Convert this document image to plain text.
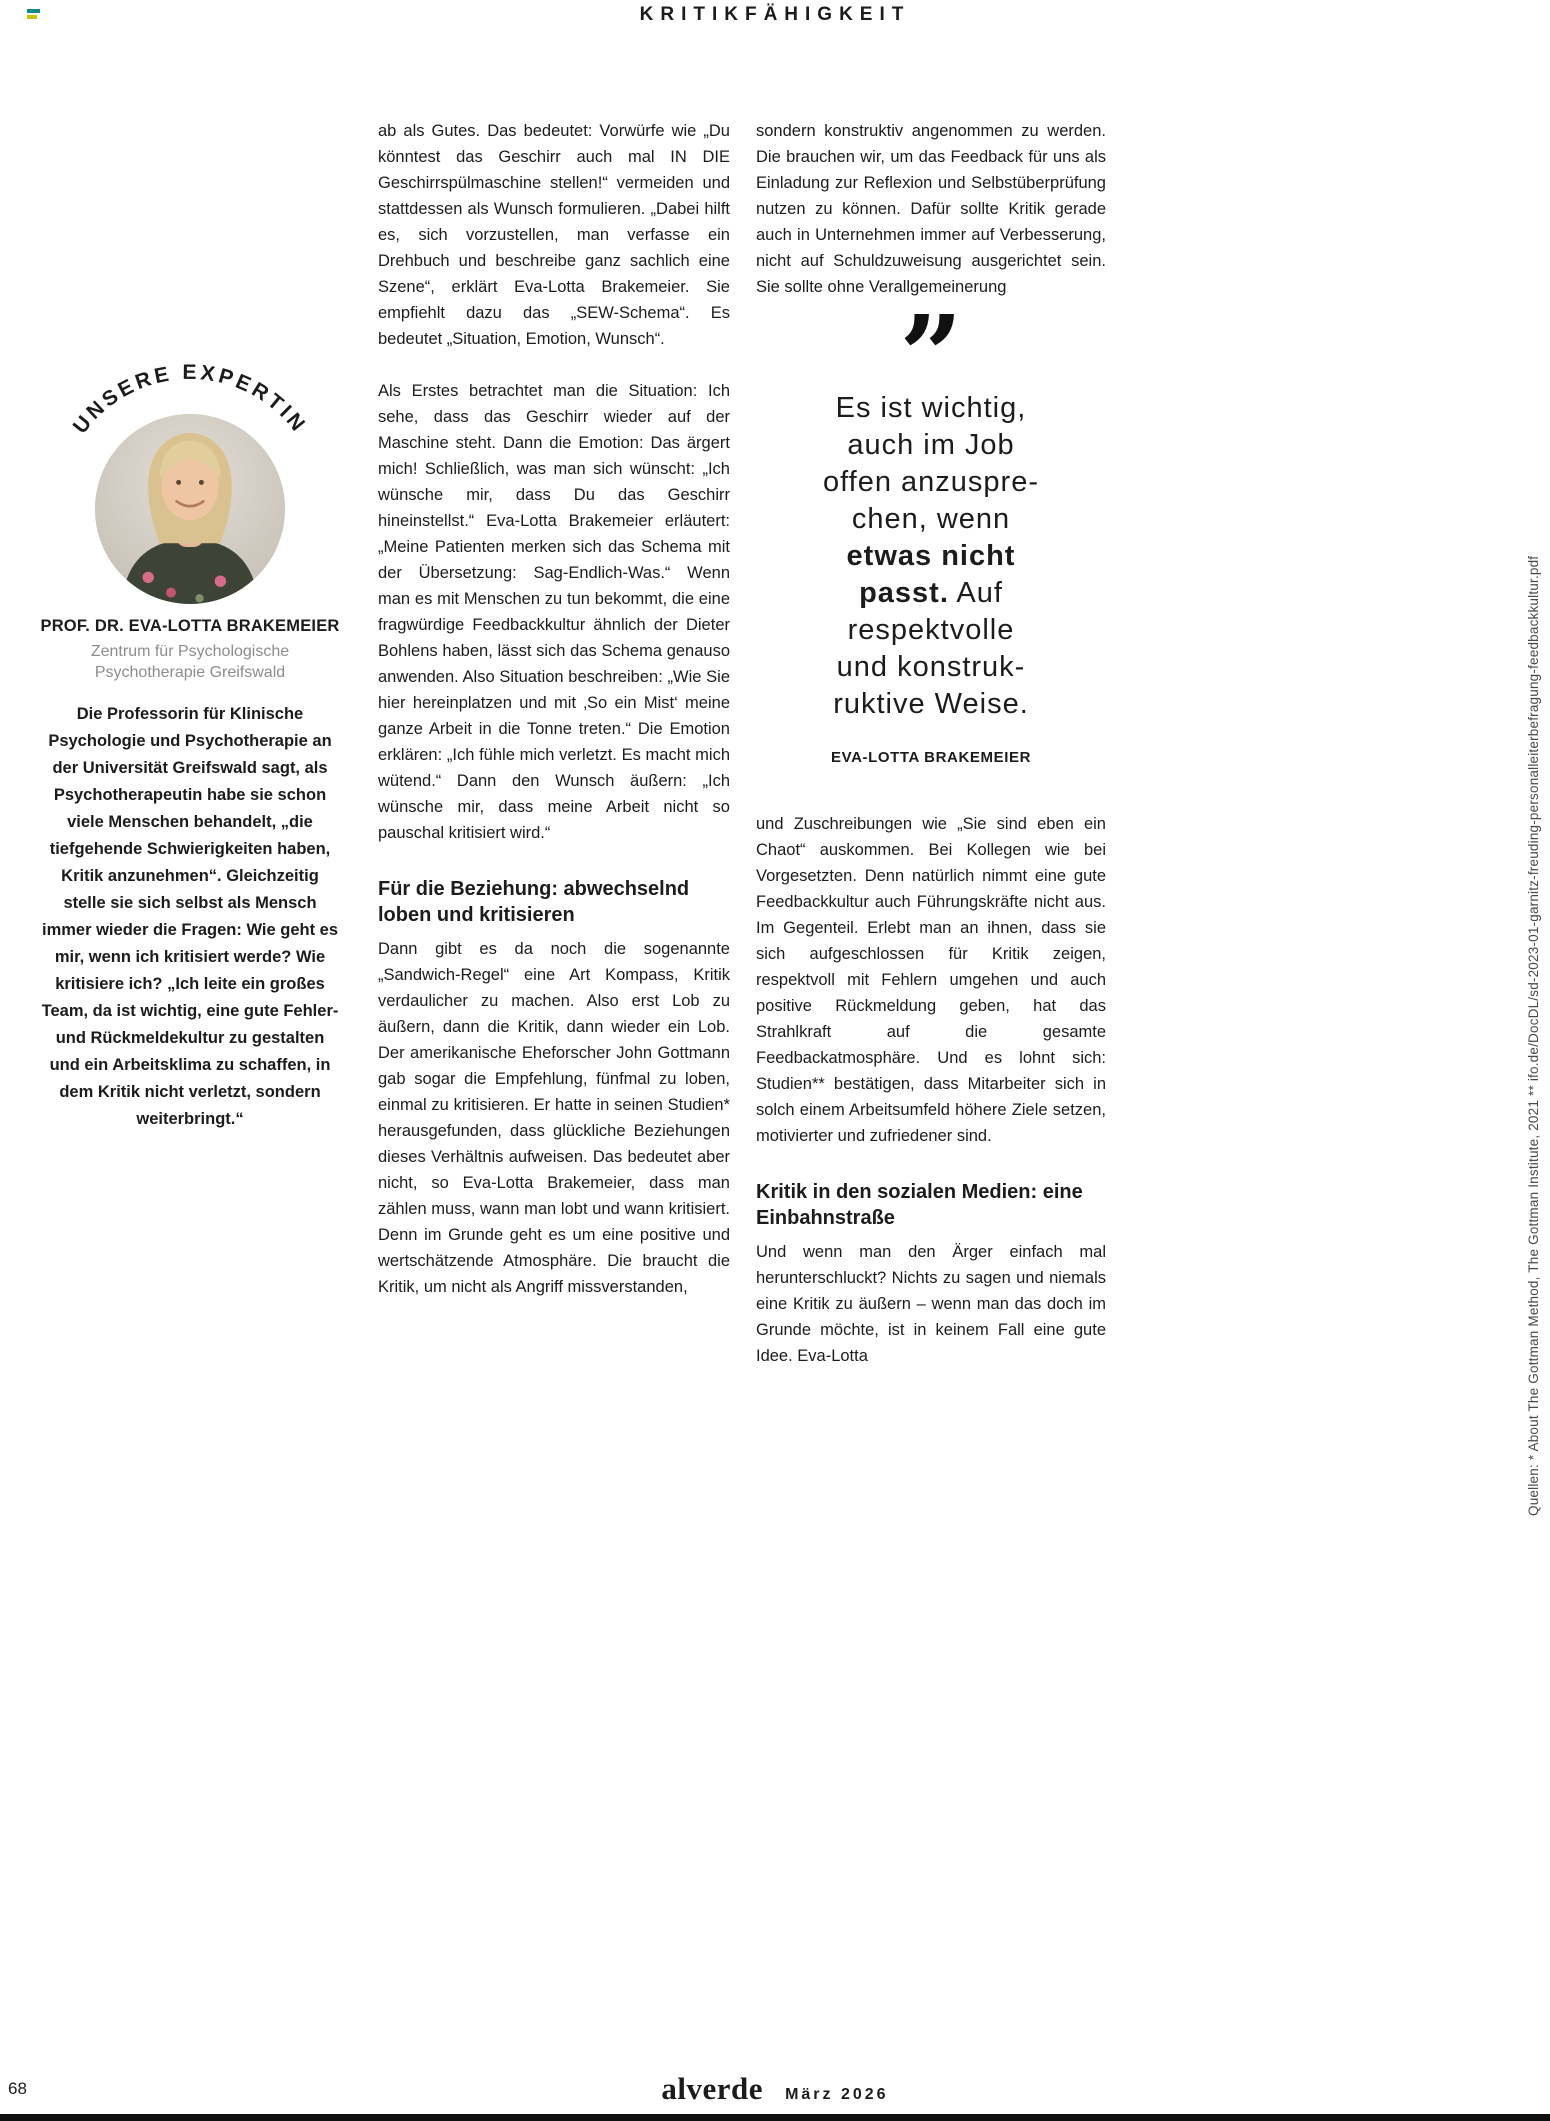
KRITIKFÄHIGKEIT
UNSERE EXPERTIN
PROF. DR. EVA-LOTTA BRAKEMEIER
Zentrum für Psychologische Psychotherapie Greifswald
Die Professorin für Klinische Psychologie und Psychotherapie an der Universität Greifswald sagt, als Psychotherapeutin habe sie schon viele Menschen behandelt, „die tiefgehende Schwierigkeiten haben, Kritik anzunehmen“. Gleichzeitig stelle sie sich selbst als Mensch immer wieder die Fragen: Wie geht es mir, wenn ich kritisiert werde? Wie kritisiere ich? „Ich leite ein großes Team, da ist wichtig, eine gute Fehler- und Rückmeldekultur zu gestalten und ein Arbeitsklima zu schaffen, in dem Kritik nicht verletzt, sondern weiterbringt.“

ab als Gutes. Das bedeutet: Vorwürfe wie „Du könntest das Geschirr auch mal IN DIE Geschirrspülmaschine stellen!“ vermeiden und stattdessen als Wunsch formulieren. „Dabei hilft es, sich vorzustellen, man verfasse ein Drehbuch und beschreibe ganz sachlich eine Szene“, erklärt Eva-Lotta Brakemeier. Sie empfiehlt dazu das „SEW-Schema“. Es bedeutet „Situation, Emotion, Wunsch“.

Als Erstes betrachtet man die Situation: Ich sehe, dass das Geschirr wieder auf der Maschine steht. Dann die Emotion: Das ärgert mich! Schließlich, was man sich wünscht: „Ich wünsche mir, dass Du das Geschirr hineinstellst.“ Eva-Lotta Brakemeier erläutert: „Meine Patienten merken sich das Schema mit der Übersetzung: Sag-Endlich-Was.“ Wenn man es mit Menschen zu tun bekommt, die eine fragwürdige Feedbackkultur ähnlich der Dieter Bohlens haben, lässt sich das Schema genauso anwenden. Also Situation beschreiben: „Wie Sie hier hereinplatzen und mit ‚So ein Mist‘ meine ganze Arbeit in die Tonne treten.“ Die Emotion erklären: „Ich fühle mich verletzt. Es macht mich wütend.“ Dann den Wunsch äußern: „Ich wünsche mir, dass meine Arbeit nicht so pauschal kritisiert wird.“

Für die Beziehung: abwechselnd loben und kritisieren

Dann gibt es da noch die sogenannte „Sandwich-Regel“ eine Art Kompass, Kritik verdaulicher zu machen. Also erst Lob zu äußern, dann die Kritik, dann wieder ein Lob. Der amerikanische Eheforscher John Gottmann gab sogar die Empfehlung, fünfmal zu loben, einmal zu kritisieren. Er hatte in seinen Studien* herausgefunden, dass glückliche Beziehungen dieses Verhältnis aufweisen. Das bedeutet aber nicht, so Eva-Lotta Brakemeier, dass man zählen muss, wann man lobt und wann kritisiert. Denn im Grunde geht es um eine positive und wertschätzende Atmosphäre. Die braucht die Kritik, um nicht als Angriff missverstanden,

sondern konstruktiv angenommen zu werden. Die brauchen wir, um das Feedback für uns als Einladung zur Reflexion und Selbstüberprüfung nutzen zu können. Dafür sollte Kritik gerade auch in Unternehmen immer auf Verbesserung, nicht auf Schuldzuweisung ausgerichtet sein. Sie sollte ohne Verallgemeinerung

”
Es ist wichtig,
auch im Job
offen anzuspre-
chen, wenn
etwas nicht
passt. Auf
respektvolle
und konstruk-
ruktive Weise.
EVA-LOTTA BRAKEMEIER

und Zuschreibungen wie „Sie sind eben ein Chaot“ auskommen. Bei Kollegen wie bei Vorgesetzten. Denn natürlich nimmt eine gute Feedbackkultur auch Führungskräfte nicht aus. Im Gegenteil. Erlebt man an ihnen, dass sie sich aufgeschlossen für Kritik zeigen, respektvoll mit Fehlern umgehen und auch positive Rückmeldung geben, hat das Strahlkraft auf die gesamte Feedbackatmosphäre. Und es lohnt sich: Studien** bestätigen, dass Mitarbeiter sich in solch einem Arbeitsumfeld höhere Ziele setzen, motivierter und zufriedener sind.

Kritik in den sozialen Medien: eine Einbahnstraße

Und wenn man den Ärger einfach mal herunterschluckt? Nichts zu sagen und niemals eine Kritik zu äußern – wenn man das doch im Grunde möchte, ist in keinem Fall eine gute Idee. Eva-Lotta	Quellen: * About The Gottman Method, The Gottman Institute, 2021 ** ifo.de/DocDL/sd-2023-01-garnitz-freuding-personalleiterbefragung-feedbackkultur.pdf
68	alverde März 2026
